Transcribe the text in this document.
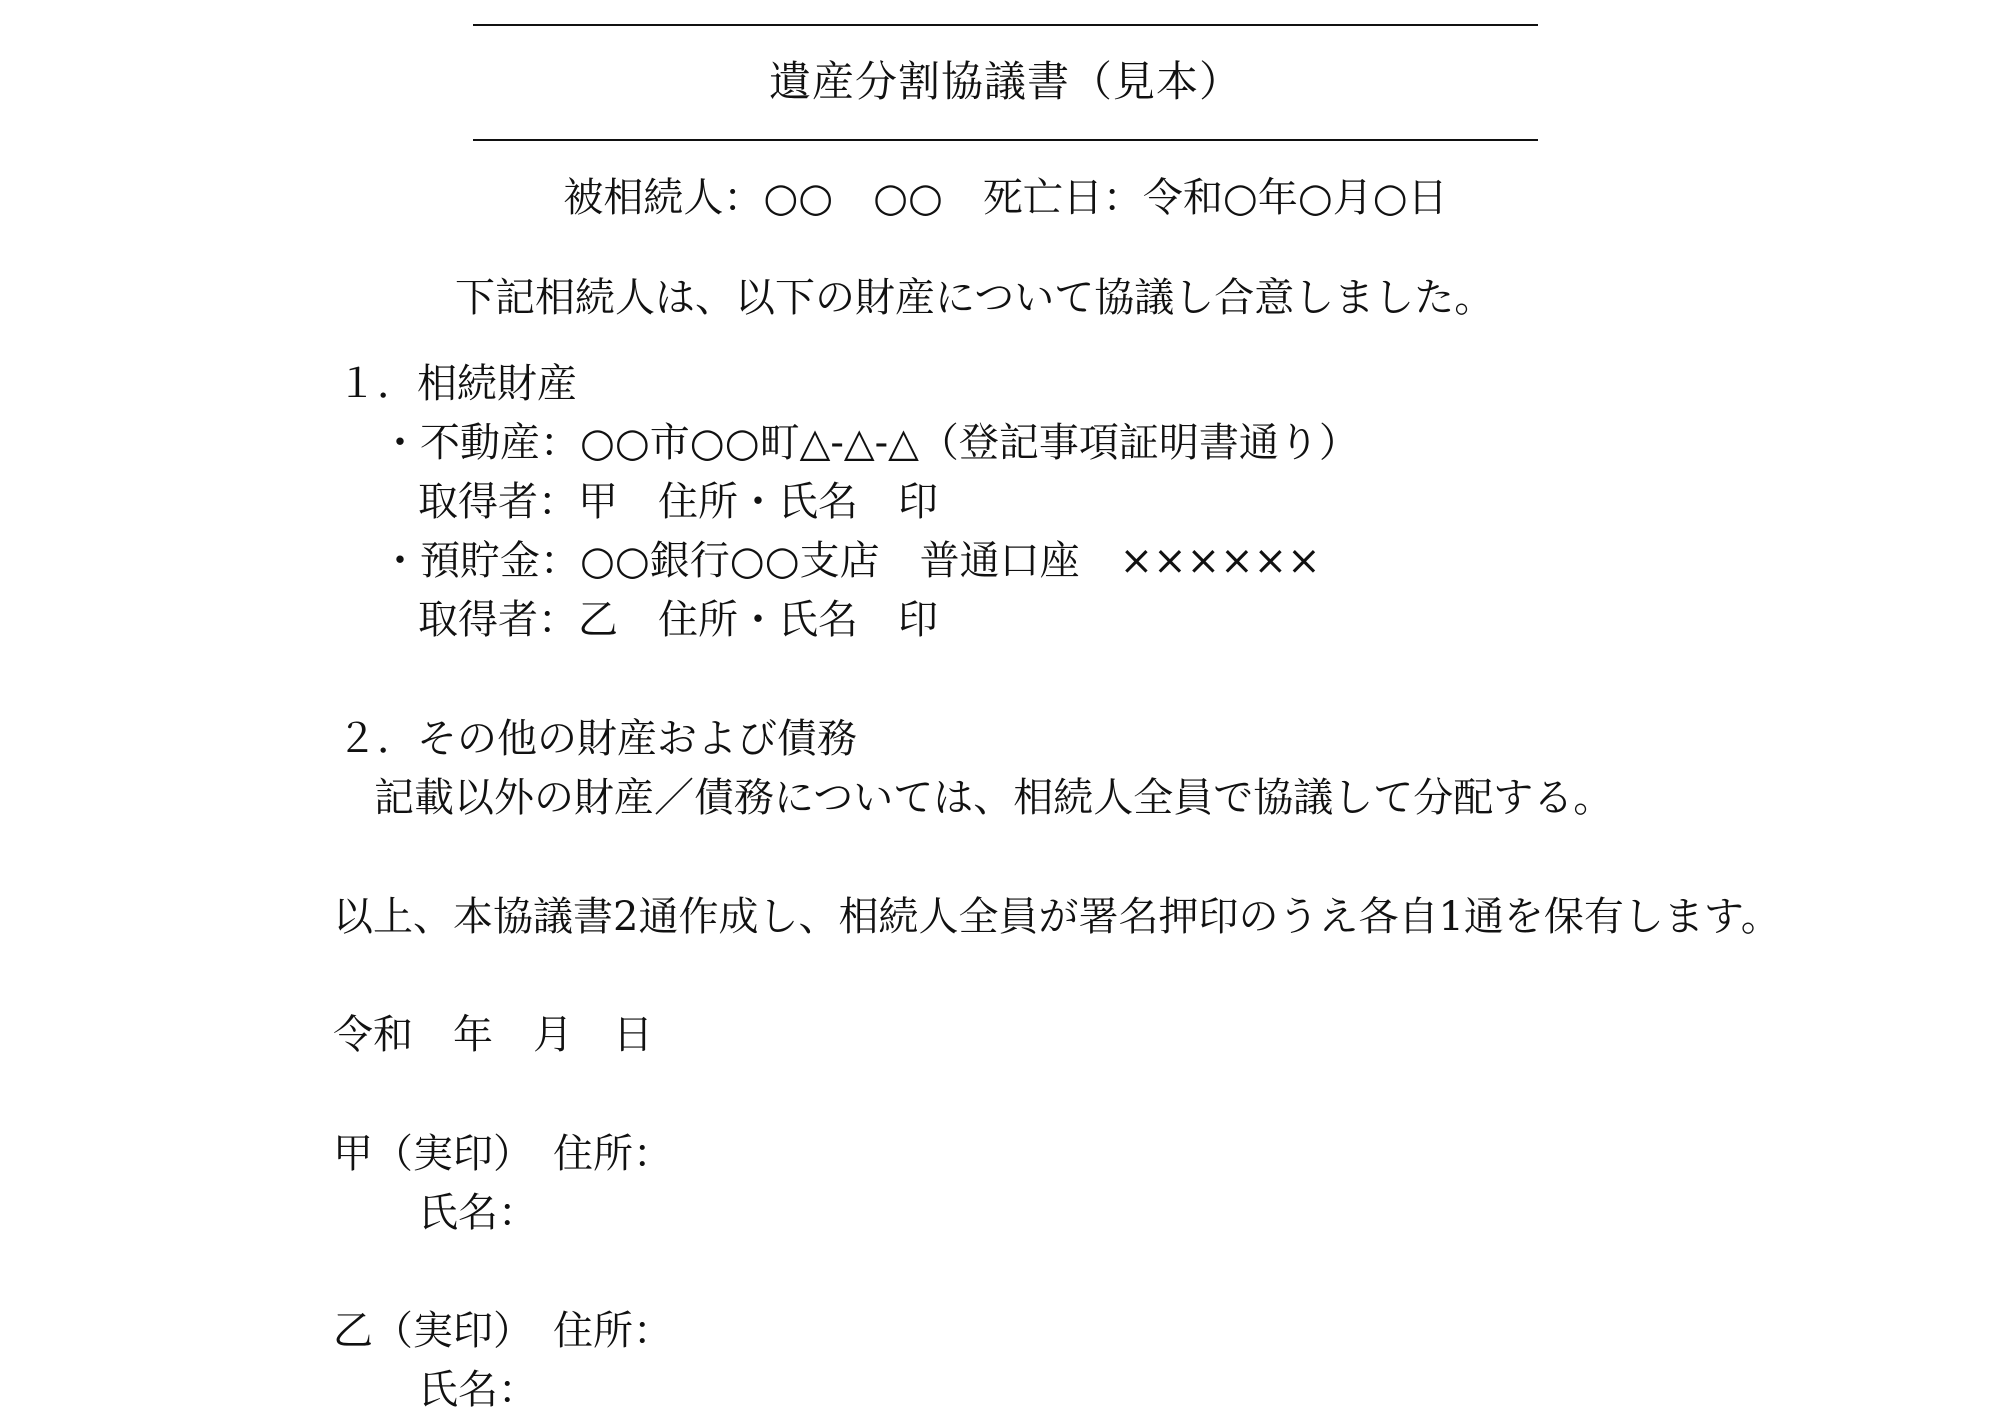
遺産分割協議書（見本）
被相続人：○○　○○　死亡日：令和○年○月○日
下記相続人は、以下の財産について協議し合意しました。
１．相続財産
・不動産：○○市○○町△-△-△（登記事項証明書通り）
取得者：甲　住所・氏名　印
・預貯金：○○銀行○○支店　普通口座　××××××
取得者：乙　住所・氏名　印
２．その他の財産および債務
記載以外の財産／債務については、相続人全員で協議して分配する。
以上、本協議書2通作成し、相続人全員が署名押印のうえ各自1通を保有します。
令和　年　月　日
甲（実印）　住所：
氏名：
乙（実印）　住所：
氏名：
